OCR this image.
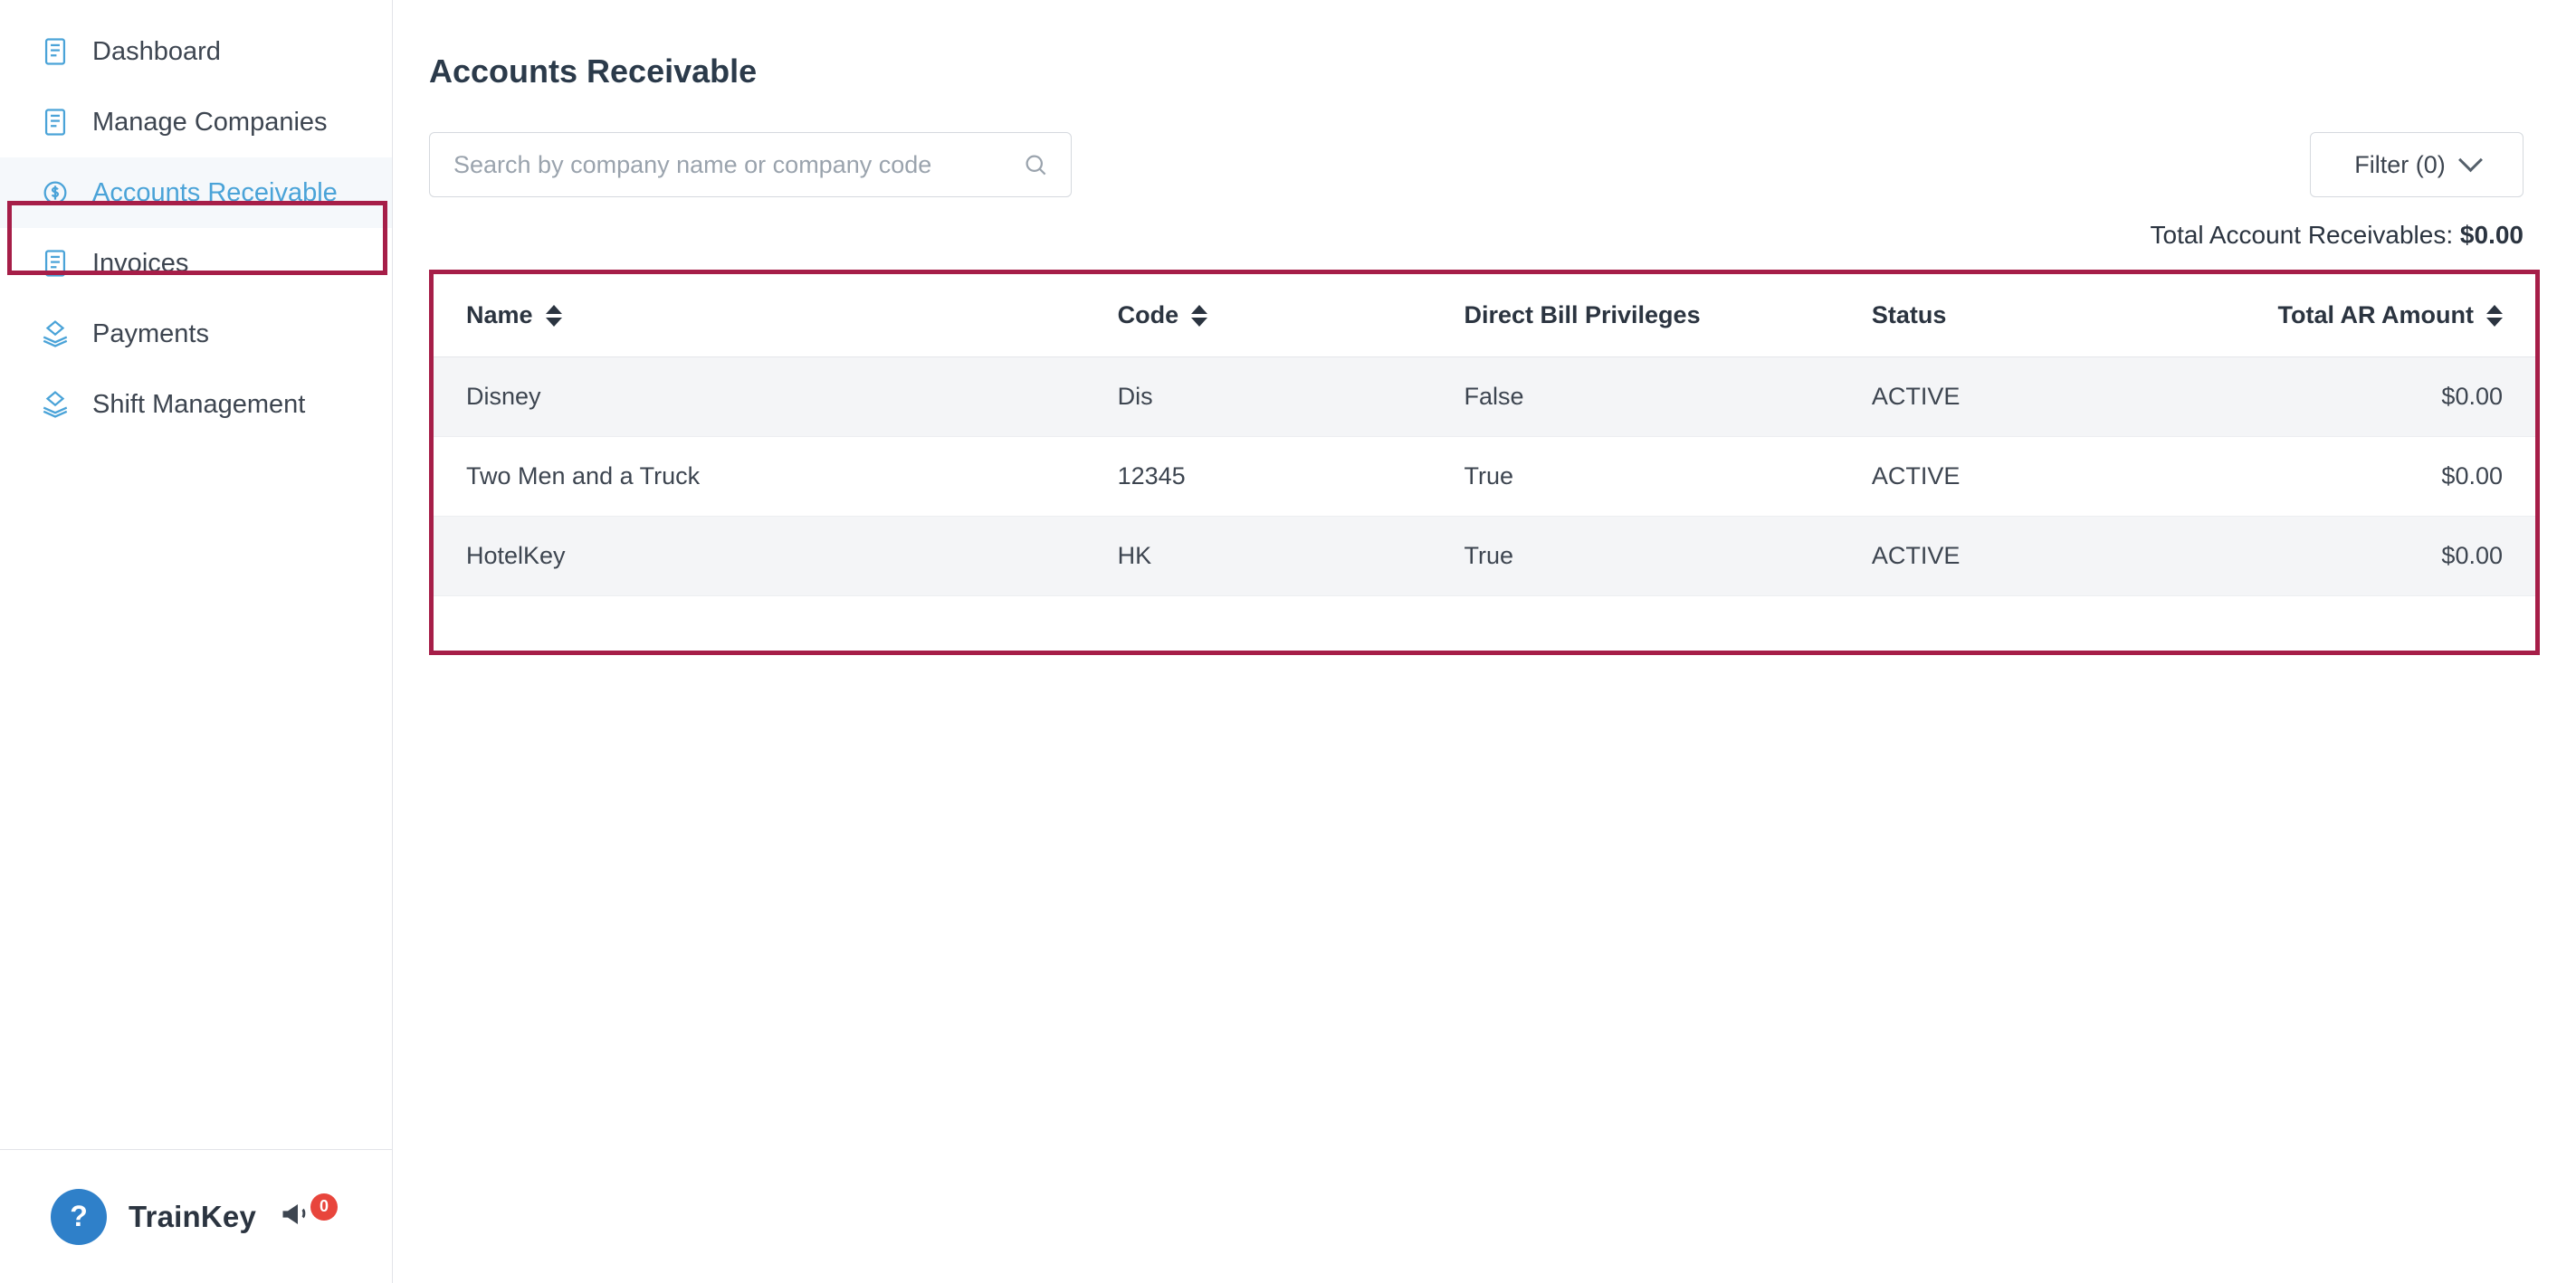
Dashboard
Manage Companies
Accounts Receivable
Invoices
Payments
Shift Management
?	TrainKey	0
Accounts Receivable
Search by company name or company code
Filter (0)
Total Account Receivables: $0.00
Name	Code	Direct Bill Privileges	Status	Total AR Amount

Disney	Dis	False	ACTIVE	$0.00
Two Men and a Truck	12345	True	ACTIVE	$0.00
HotelKey	HK	True	ACTIVE	$0.00
